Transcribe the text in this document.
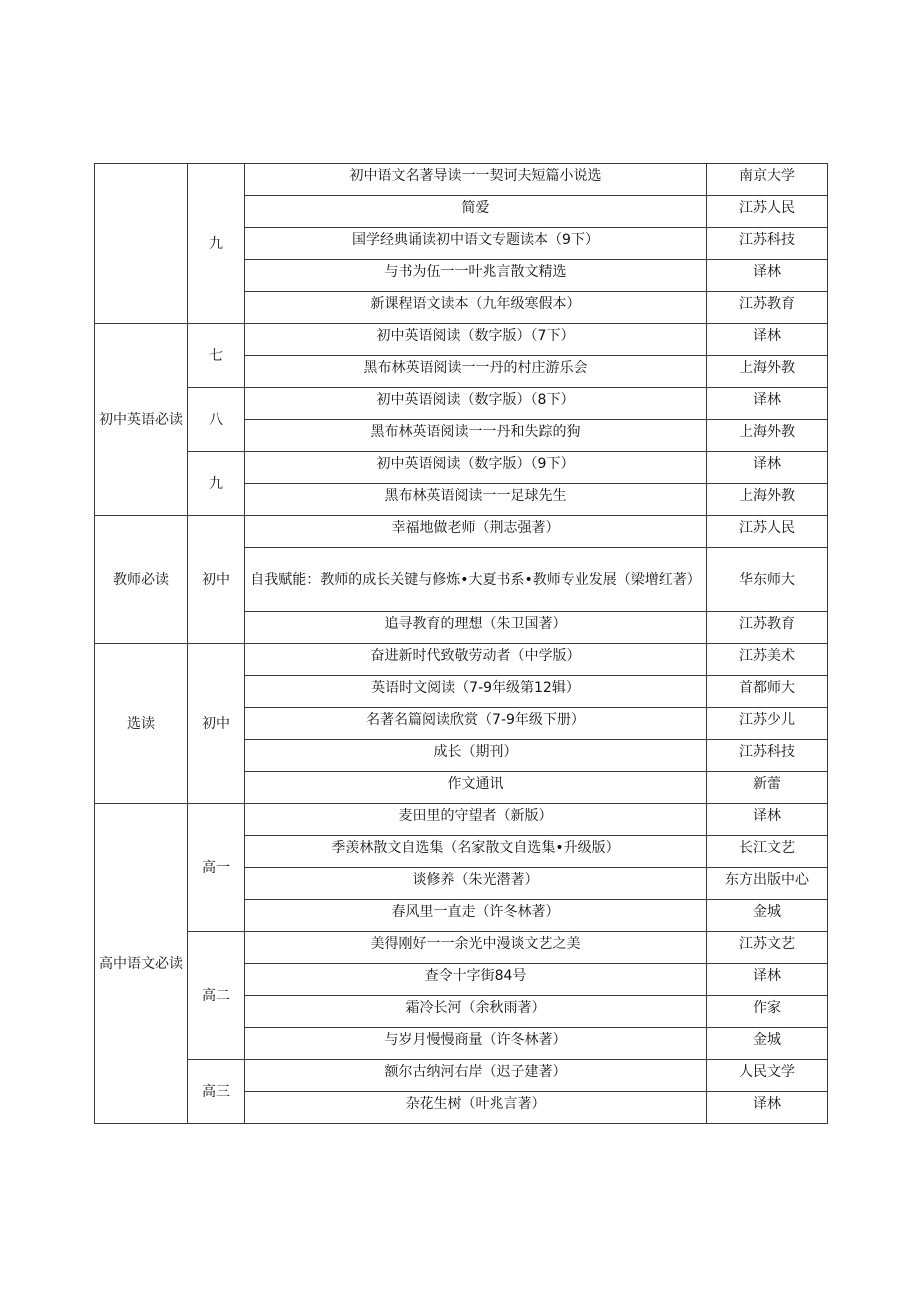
	九	初中语文名著导读一一契诃夫短篇小说选	南京大学
		简爱	江苏人民
		国学经典诵读初中语文专题读本（9下）	江苏科技
		与书为伍一一叶兆言散文精选	译林
		新课程语文读本（九年级寒假本）	江苏教育
初中英语必读	七	初中英语阅读（数字版）（7下）	译林
		黑布林英语阅读一一丹的村庄游乐会	上海外教
	八	初中英语阅读（数字版）（8下）	译林
		黑布林英语阅读一一丹和失踪的狗	上海外教
	九	初中英语阅读（数字版）（9下）	译林
		黑布林英语阅读一一足球先生	上海外教
教师必读	初中	幸福地做老师（荆志强著）	江苏人民
		自我赋能：教师的成长关键与修炼•大夏书系•教师专业发展（梁增红著）	华东师大
		追寻教育的理想（朱卫国著）	江苏教育
选读	初中	奋进新时代致敬劳动者（中学版）	江苏美术
		英语时文阅读（7-9年级第12辑）	首都师大
		名著名篇阅读欣赏（7-9年级下册）	江苏少儿
		成长（期刊）	江苏科技
		作文通讯	新蕾
高中语文必读	高一	麦田里的守望者（新版）	译林
		季羡林散文自选集（名家散文自选集•升级版）	长江文艺
		谈修养（朱光潜著）	东方出版中心
		春风里一直走（许冬林著）	金城
	高二	美得刚好一一余光中漫谈文艺之美	江苏文艺
		查令十字街84号	译林
		霜冷长河（余秋雨著）	作家
		与岁月慢慢商量（许冬林著）	金城
	高三	额尔古纳河右岸（迟子建著）	人民文学
		杂花生树（叶兆言著）	译林
